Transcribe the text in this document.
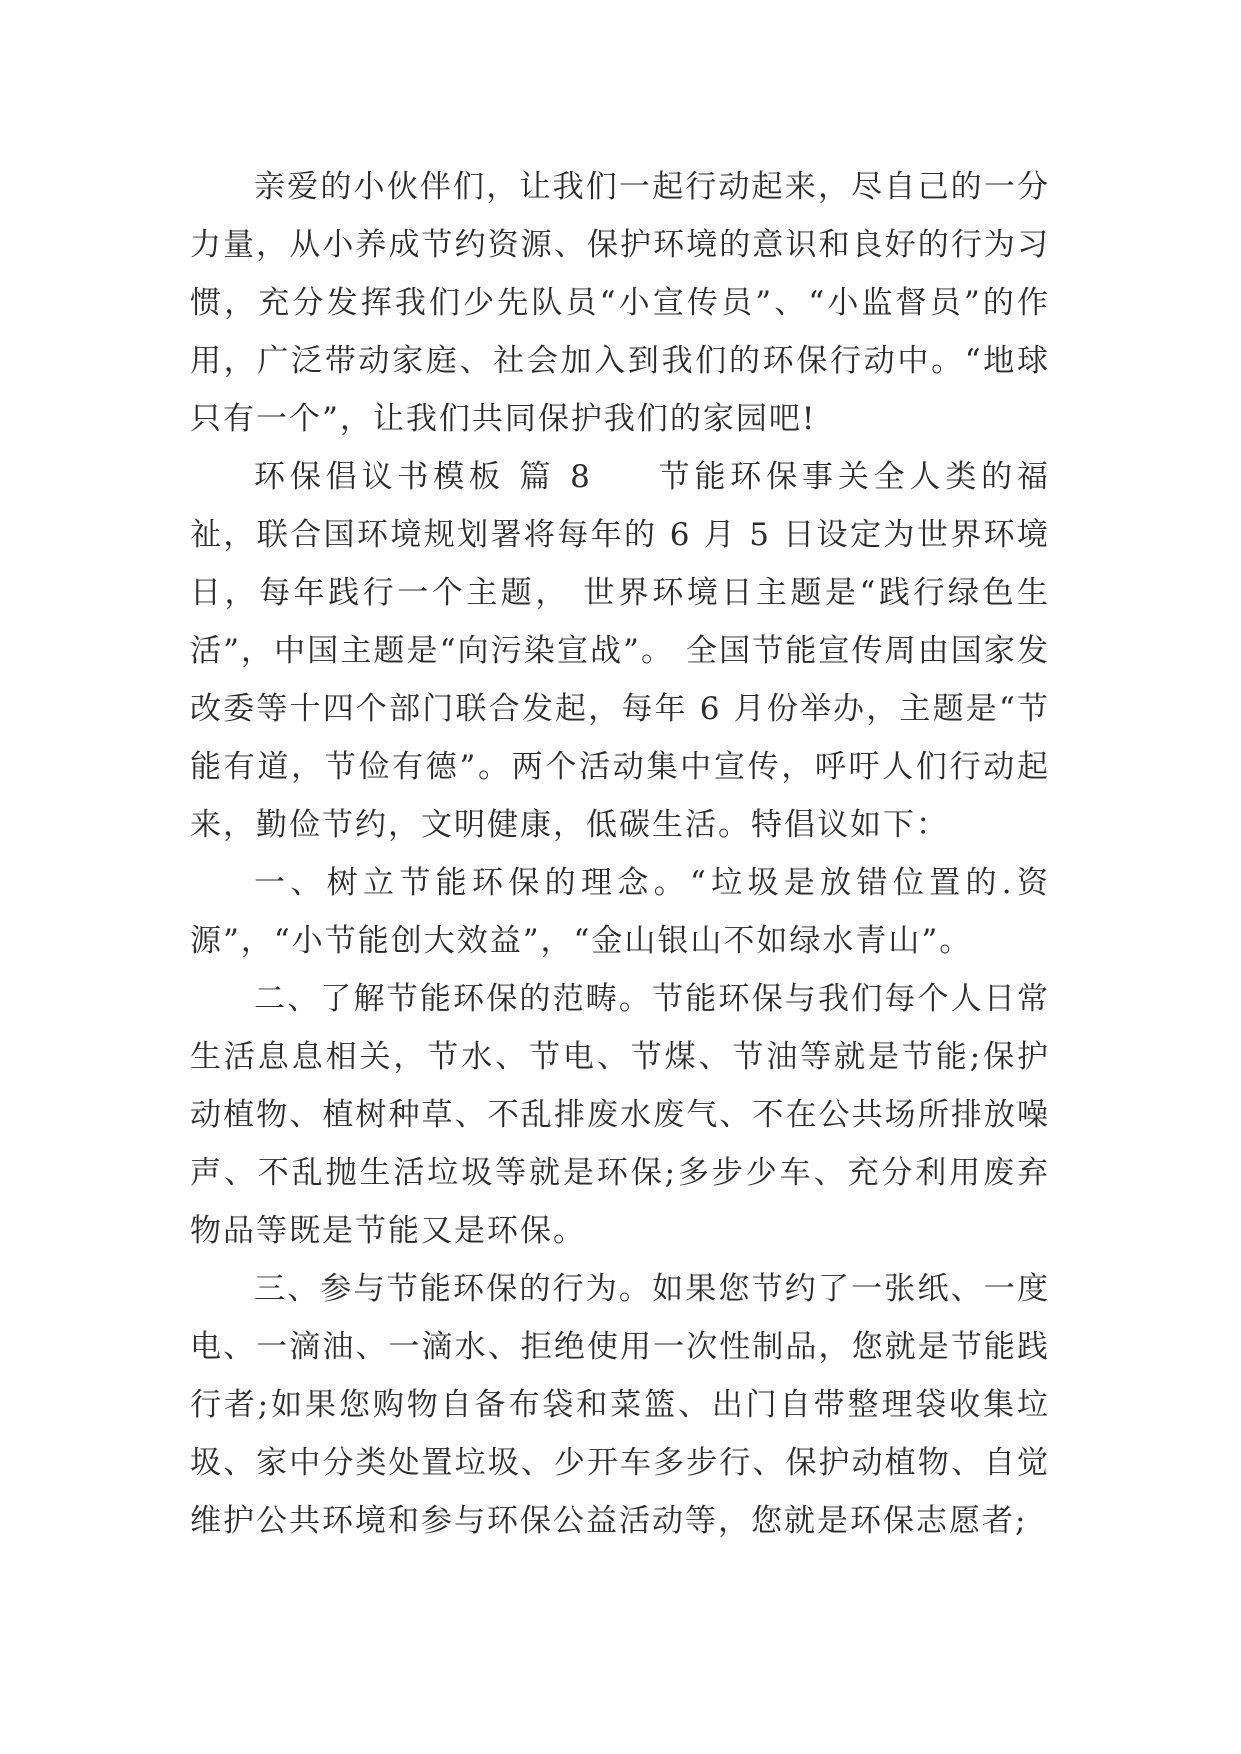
亲爱的小伙伴们，让我们一起行动起来，尽自己的一分力量，从小养成节约资源、保护环境的意识和良好的行为习惯，充分发挥我们少先队员“小宣传员”、“小监督员”的作用，广泛带动家庭、社会加入到我们的环保行动中。“地球只有一个”，让我们共同保护我们的家园吧!

环保倡议书模板 篇 8 节能环保事关全人类的福祉，联合国环境规划署将每年的 6 月 5 日设定为世界环境日，每年践行一个主题， 世界环境日主题是“践行绿色生活”，中国主题是“向污染宣战”。 全国节能宣传周由国家发改委等十四个部门联合发起，每年 6 月份举办，主题是“节能有道，节俭有德”。两个活动集中宣传，呼吁人们行动起来，勤俭节约，文明健康，低碳生活。特倡议如下：

一、树立节能环保的理念。“垃圾是放错位置的.资源”，“小节能创大效益”，“金山银山不如绿水青山”。

二、了解节能环保的范畴。节能环保与我们每个人日常生活息息相关，节水、节电、节煤、节油等就是节能;保护动植物、植树种草、不乱排废水废气、不在公共场所排放噪声、不乱抛生活垃圾等就是环保;多步少车、充分利用废弃物品等既是节能又是环保。

三、参与节能环保的行为。如果您节约了一张纸、一度电、一滴油、一滴水、拒绝使用一次性制品，您就是节能践行者;如果您购物自备布袋和菜篮、出门自带整理袋收集垃圾、家中分类处置垃圾、少开车多步行、保护动植物、自觉维护公共环境和参与环保公益活动等，您就是环保志愿者;
